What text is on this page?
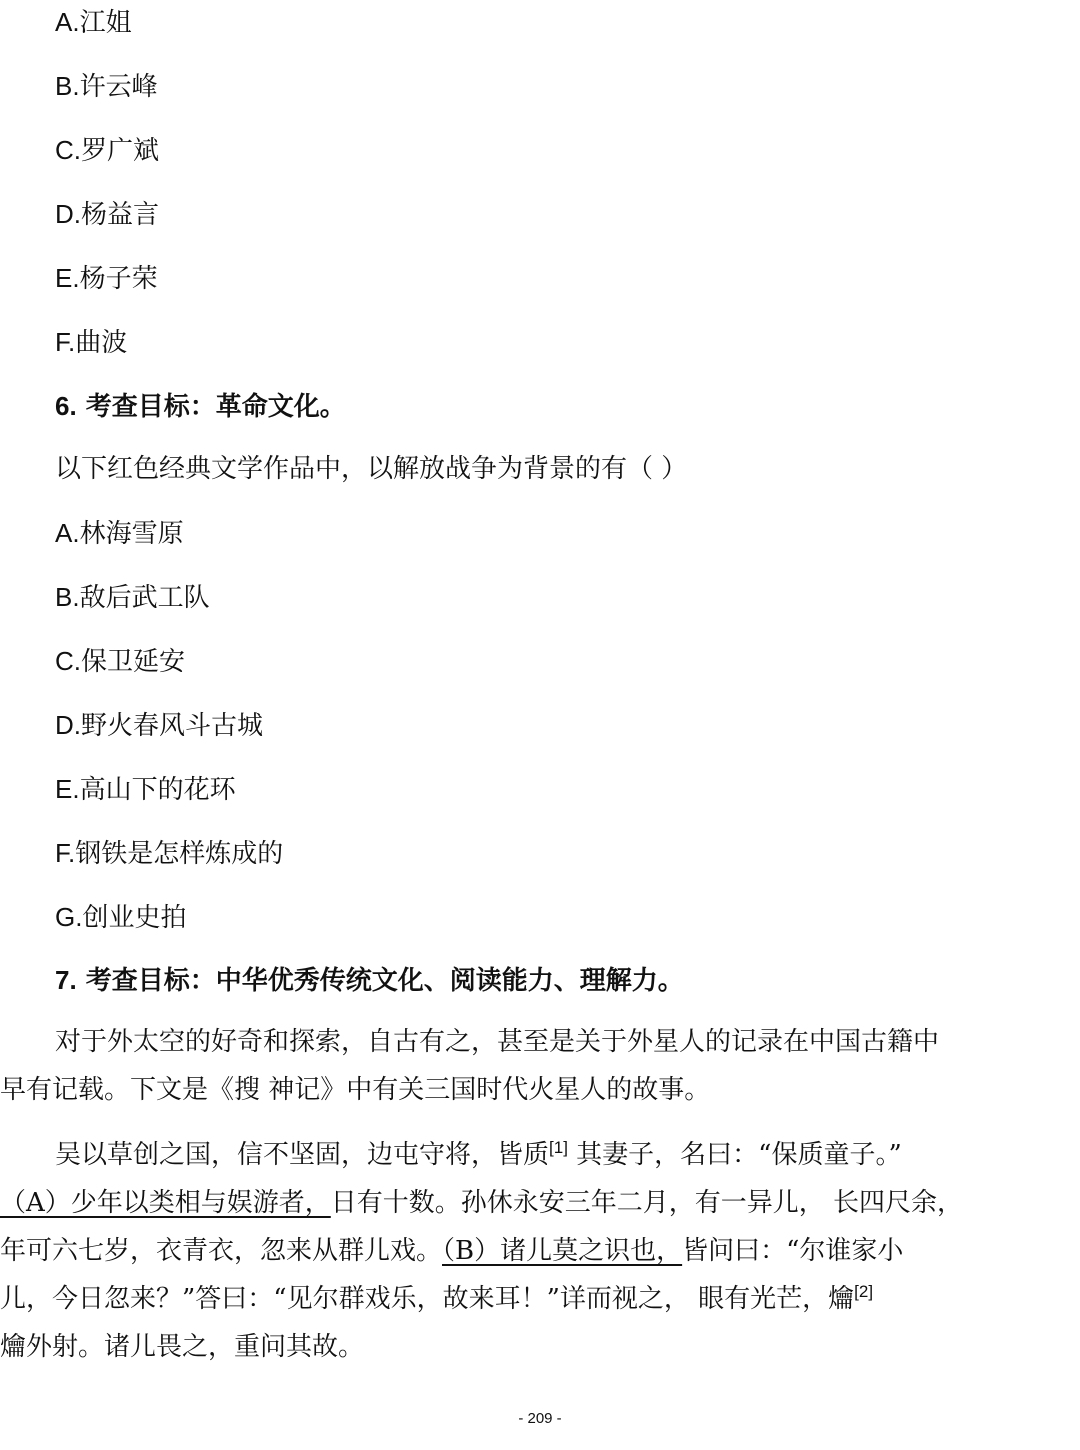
A.江姐

B.许云峰

C.罗广斌

D.杨益言

E.杨子荣

F.曲波

6. 考查目标：革命文化。

以下红色经典文学作品中，以解放战争为背景的有（ ）

A.林海雪原

B.敌后武工队

C.保卫延安

D.野火春风斗古城

E.高山下的花环

F.钢铁是怎样炼成的

G.创业史拍

7. 考查目标：中华优秀传统文化、阅读能力、理解力。

对于外太空的好奇和探索，自古有之，甚至是关于外星人的记录在中国古籍中
早有记载。下文是《搜 神记》中有关三国时代火星人的故事。
吴以草创之国，信不坚固，边屯守将，皆质[1] 其妻子，名曰：“保质童子。”
（A）少年以类相与娱游者，日有十数。孙休永安三年二月，有一异儿， 长四尺余，
年可六七岁，衣青衣，忽来从群儿戏。（B）诸儿莫之识也，皆问曰：“尔谁家小
儿，今日忽来？”答曰：“见尔群戏乐，故来耳！”详而视之， 眼有光芒，爚[2]
爚外射。诸儿畏之，重问其故。

- 209 -
